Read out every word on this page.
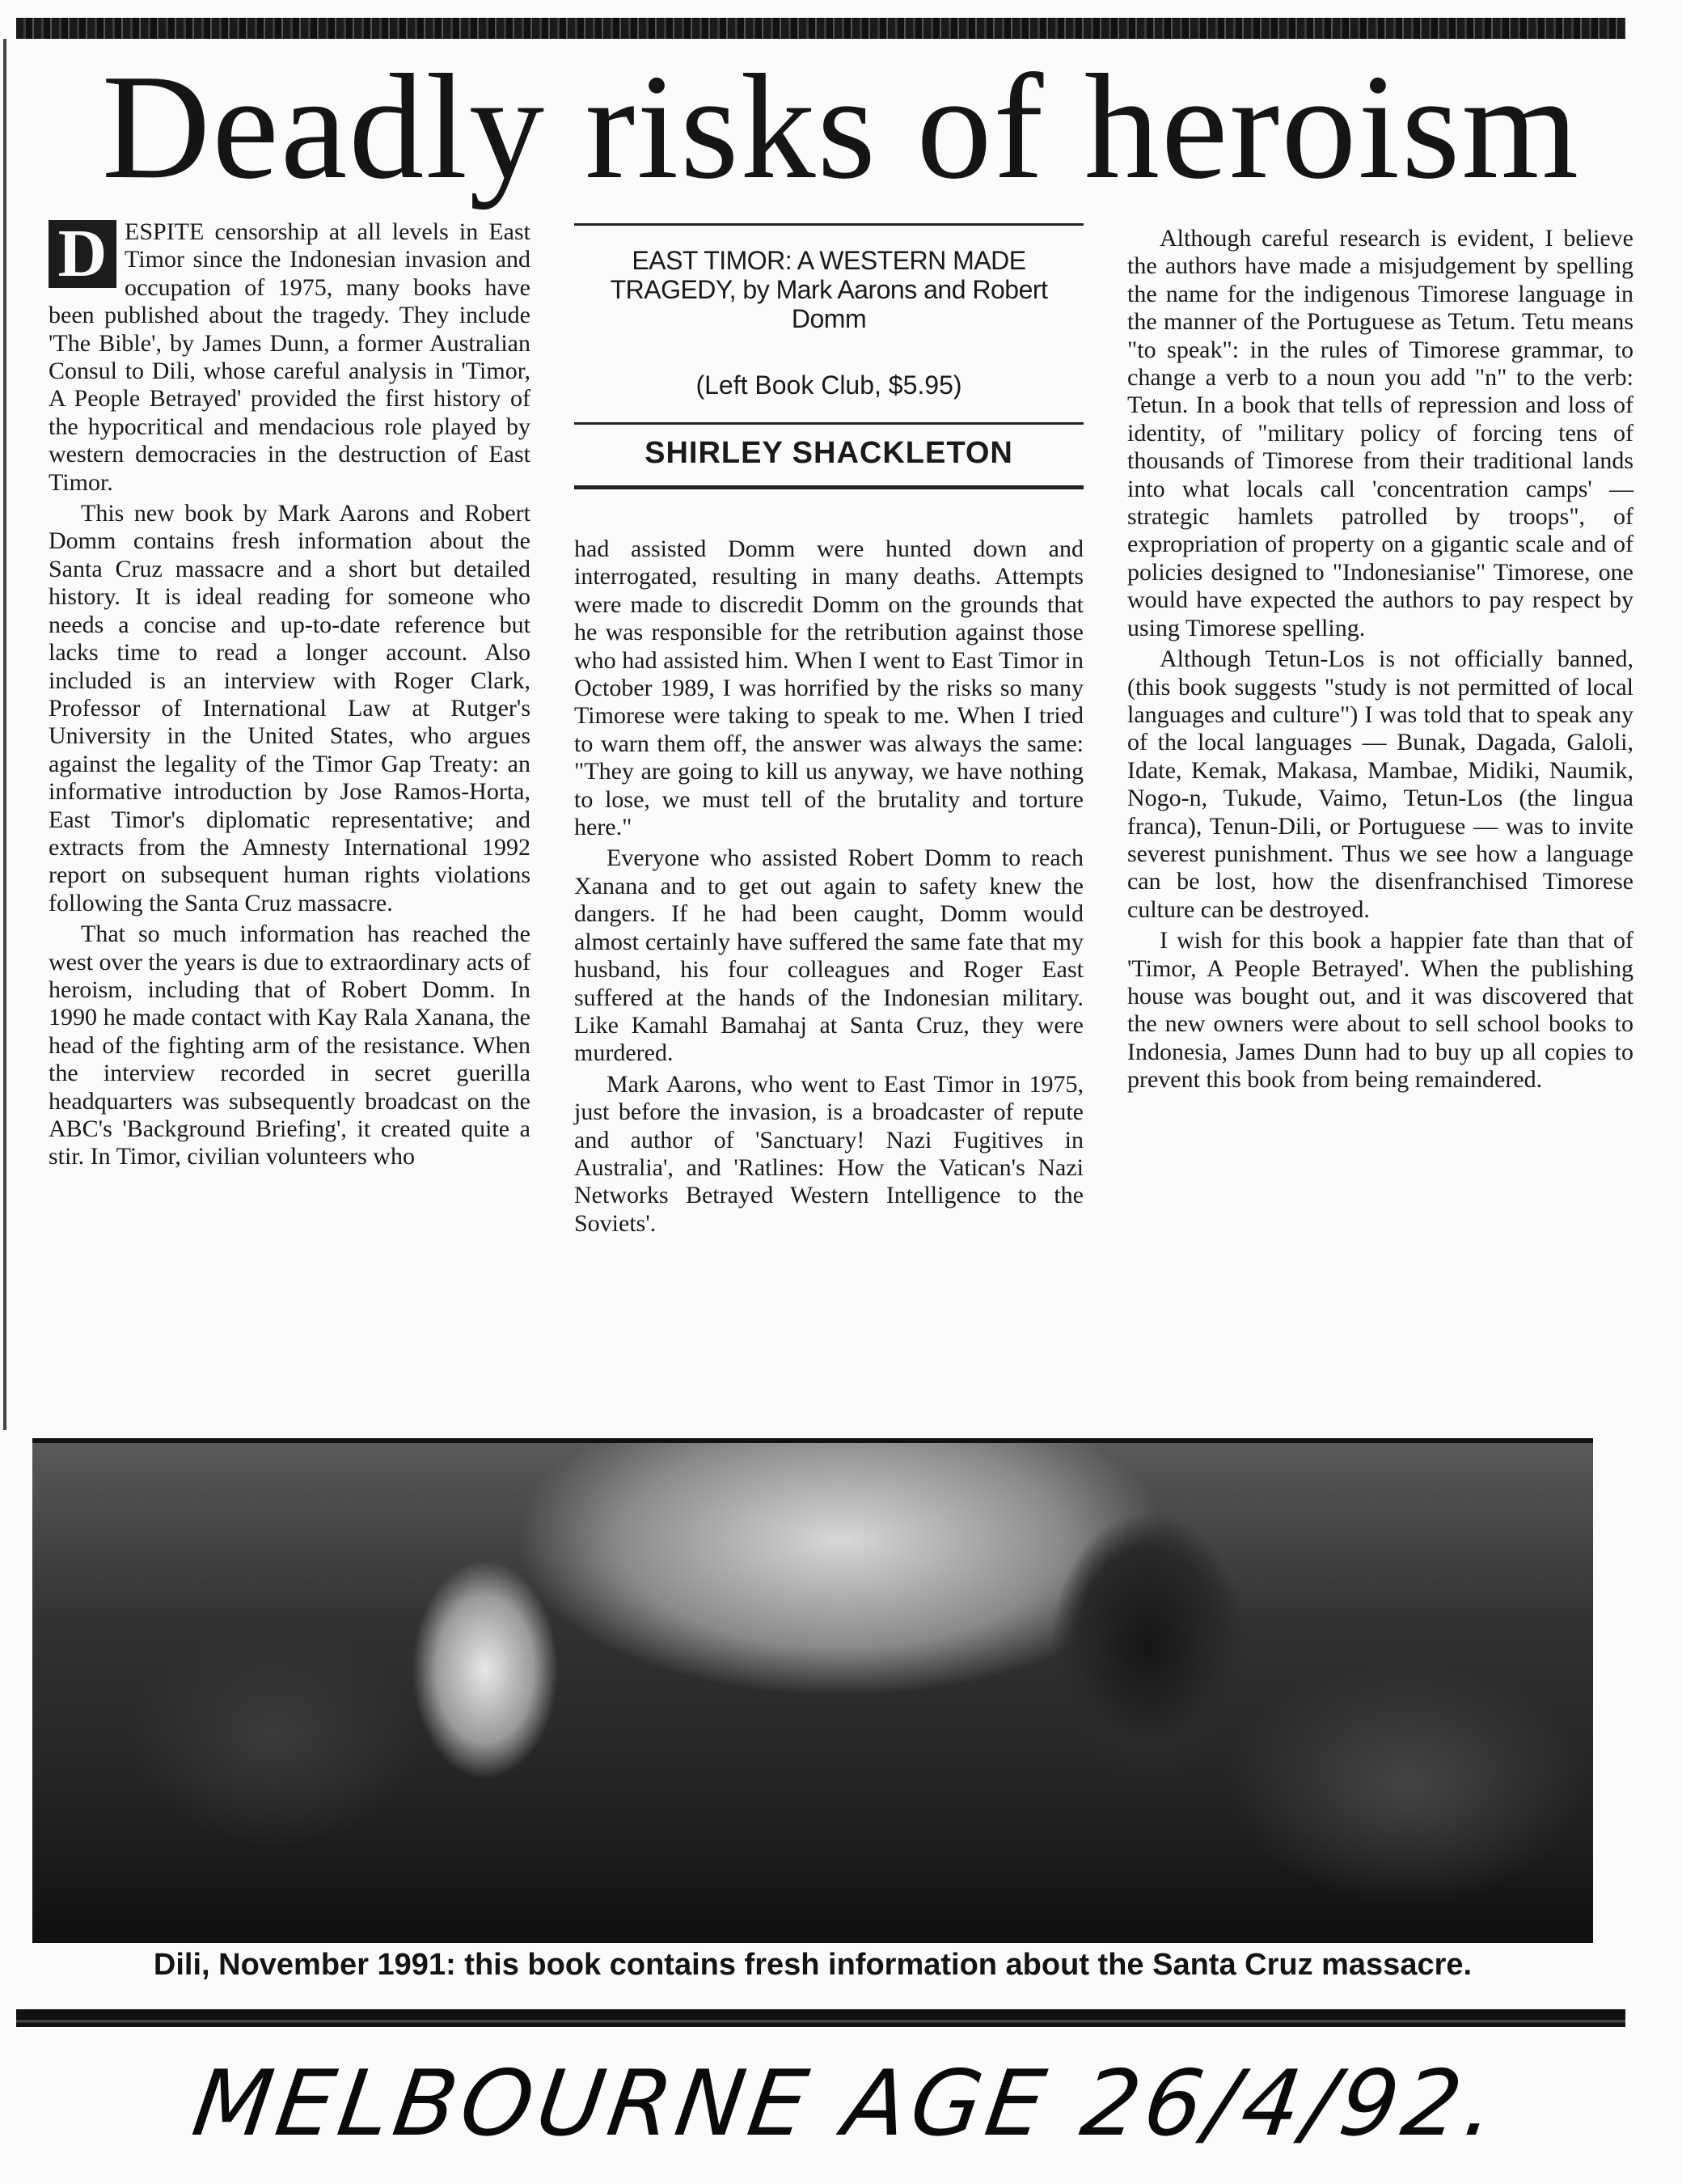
Deadly risks of heroism
D ESPITE censorship at all levels in East Timor since the Indonesian invasion and occupation of 1975, many books have been published about the tragedy. They include 'The Bible', by James Dunn, a former Australian Consul to Dili, whose careful analysis in 'Timor, A People Betrayed' provided the first history of the hypocritical and mendacious role played by western democracies in the destruction of East Timor.

This new book by Mark Aarons and Robert Domm contains fresh information about the Santa Cruz massacre and a short but detailed history. It is ideal reading for someone who needs a concise and up-to-date reference but lacks time to read a longer account. Also included is an interview with Roger Clark, Professor of International Law at Rutger's University in the United States, who argues against the legality of the Timor Gap Treaty: an informative introduction by Jose Ramos-Horta, East Timor's diplomatic representative; and extracts from the Amnesty International 1992 report on subsequent human rights violations following the Santa Cruz massacre.

That so much information has reached the west over the years is due to extraordinary acts of heroism, including that of Robert Domm. In 1990 he made contact with Kay Rala Xanana, the head of the fighting arm of the resistance. When the interview recorded in secret guerilla headquarters was subsequently broadcast on the ABC's 'Background Briefing', it created quite a stir. In Timor, civilian volunteers who

EAST TIMOR: A WESTERN MADE TRAGEDY, by Mark Aarons and Robert Domm
(Left Book Club, $5.95)
SHIRLEY SHACKLETON

had assisted Domm were hunted down and interrogated, resulting in many deaths. Attempts were made to discredit Domm on the grounds that he was responsible for the retribution against those who had assisted him. When I went to East Timor in October 1989, I was horrified by the risks so many Timorese were taking to speak to me. When I tried to warn them off, the answer was always the same: "They are going to kill us anyway, we have nothing to lose, we must tell of the brutality and torture here."

Everyone who assisted Robert Domm to reach Xanana and to get out again to safety knew the dangers. If he had been caught, Domm would almost certainly have suffered the same fate that my husband, his four colleagues and Roger East suffered at the hands of the Indonesian military. Like Kamahl Bamahaj at Santa Cruz, they were murdered.

Mark Aarons, who went to East Timor in 1975, just before the invasion, is a broadcaster of repute and author of 'Sanctuary! Nazi Fugitives in Australia', and 'Ratlines: How the Vatican's Nazi Networks Betrayed Western Intelligence to the Soviets'.

Although careful research is evident, I believe the authors have made a misjudgement by spelling the name for the indigenous Timorese language in the manner of the Portuguese as Tetum. Tetu means "to speak": in the rules of Timorese grammar, to change a verb to a noun you add "n" to the verb: Tetun. In a book that tells of repression and loss of identity, of "military policy of forcing tens of thousands of Timorese from their traditional lands into what locals call 'concentration camps' — strategic hamlets patrolled by troops", of expropriation of property on a gigantic scale and of policies designed to "Indonesianise" Timorese, one would have expected the authors to pay respect by using Timorese spelling.

Although Tetun-Los is not officially banned, (this book suggests "study is not permitted of local languages and culture") I was told that to speak any of the local languages — Bunak, Dagada, Galoli, Idate, Kemak, Makasa, Mambae, Midiki, Naumik, Nogo-n, Tukude, Vaimo, Tetun-Los (the lingua franca), Tenun-Dili, or Portuguese — was to invite severest punishment. Thus we see how a language can be lost, how the disenfranchised Timorese culture can be destroyed.

I wish for this book a happier fate than that of 'Timor, A People Betrayed'. When the publishing house was bought out, and it was discovered that the new owners were about to sell school books to Indonesia, James Dunn had to buy up all copies to prevent this book from being remaindered.

Dili, November 1991: this book contains fresh information about the Santa Cruz massacre.
MELBOURNE AGE 26/4/92.
